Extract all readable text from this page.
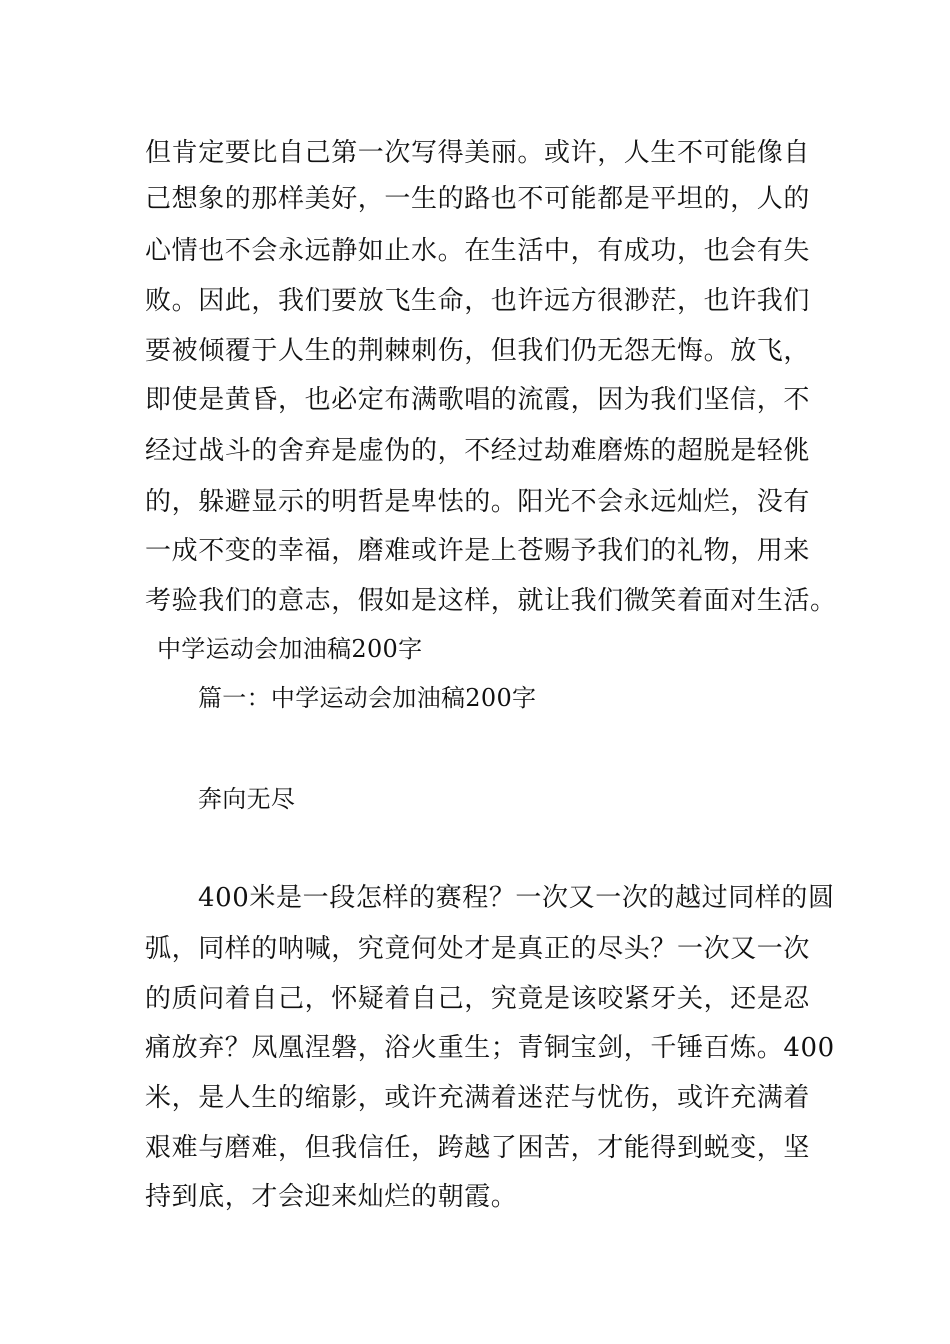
但肯定要比自己第一次写得美丽。或许，人生不可能像自
己想象的那样美好，一生的路也不可能都是平坦的，人的
心情也不会永远静如止水。在生活中，有成功，也会有失
败。因此，我们要放飞生命，也许远方很渺茫，也许我们
要被倾覆于人生的荆棘刺伤，但我们仍无怨无悔。放飞，
即使是黄昏，也必定布满歌唱的流霞，因为我们坚信，不
经过战斗的舍弃是虚伪的，不经过劫难磨炼的超脱是轻佻
的，躲避显示的明哲是卑怯的。阳光不会永远灿烂，没有
一成不变的幸福，磨难或许是上苍赐予我们的礼物，用来
考验我们的意志，假如是这样，就让我们微笑着面对生活。
中学运动会加油稿200字
篇一：中学运动会加油稿200字
奔向无尽
400米是一段怎样的赛程？一次又一次的越过同样的圆
弧，同样的呐喊，究竟何处才是真正的尽头？一次又一次
的质问着自己，怀疑着自己，究竟是该咬紧牙关，还是忍
痛放弃？凤凰涅磐，浴火重生；青铜宝剑，千锤百炼。400
米，是人生的缩影，或许充满着迷茫与忧伤，或许充满着
艰难与磨难，但我信任，跨越了困苦，才能得到蜕变，坚
持到底，才会迎来灿烂的朝霞。
